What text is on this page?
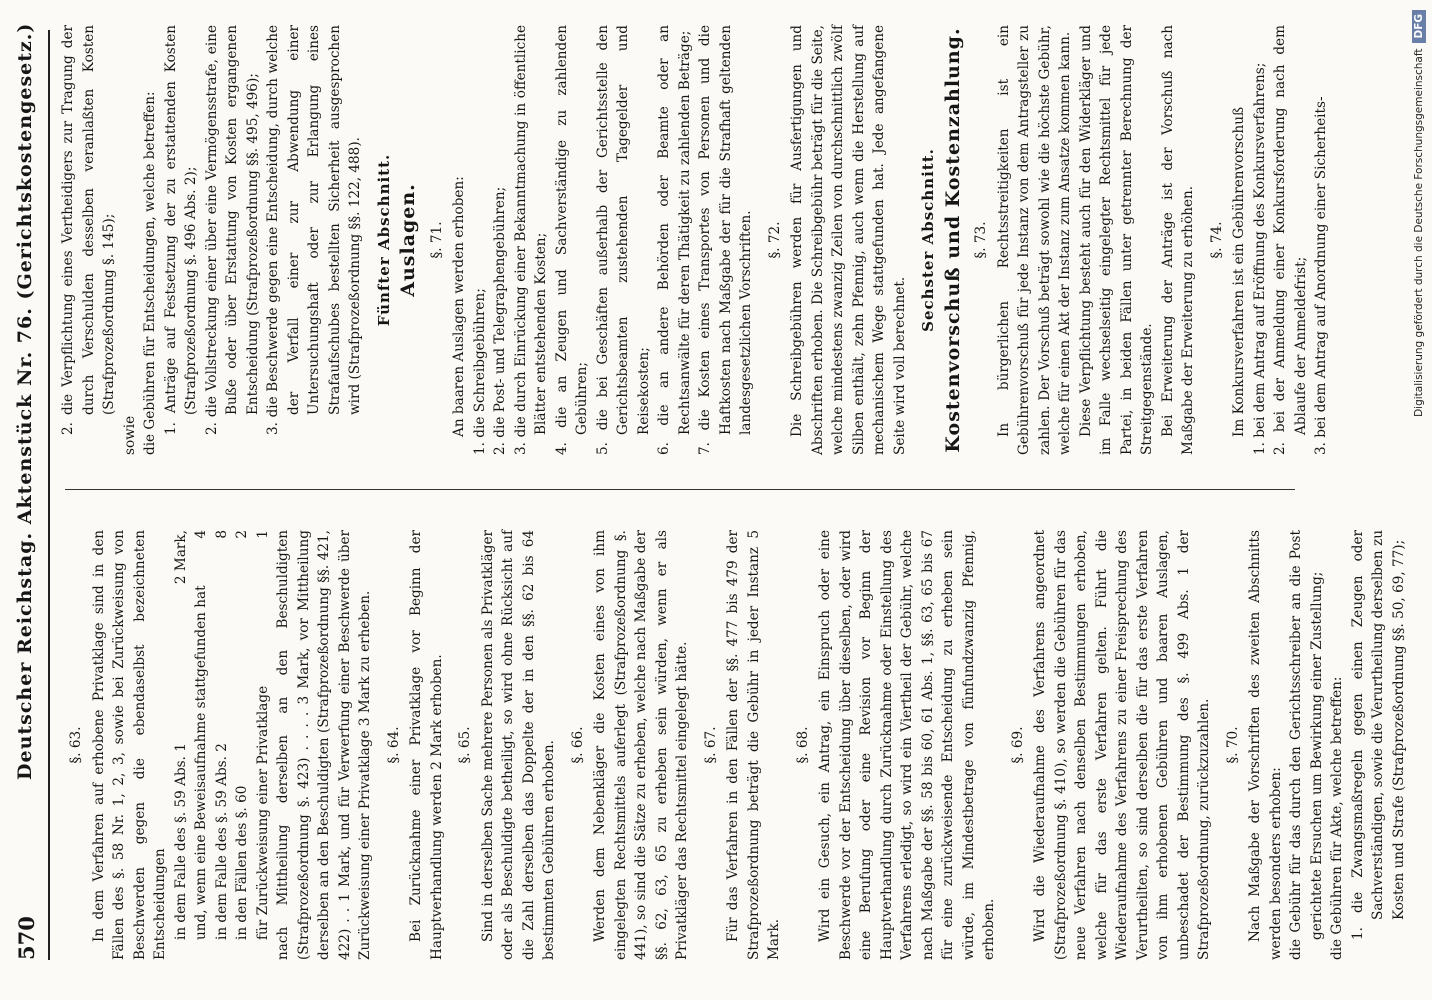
570
Deutscher Reichstag. Aktenstück Nr. 76. (Gerichtskostengesetz.) §. 63. In dem Verfahren auf erhobene Privatklage sind in den Fällen des §. 58 Nr. 1, 2, 3, sowie bei Zurückweisung von Beschwerden gegen die ebendaselbst bezeichneten Entscheidungen in dem Falle des §. 59 Abs. 1
2 Mark,

und, wenn eine Beweisaufnahme stattgefunden hat
4

in dem Falle des §. 59 Abs. 2
8

in den Fällen des §. 60
2

für Zurückweisung einer Privatklage
1 nach Mittheilung derselben an den Beschuldigten (Strafprozeßordnung §. 423) . . . . 3 Mark, vor Mittheilung derselben an den Beschuldigten (Strafprozeßordnung §§. 421, 422) . . 1 Mark, und für Verwerfung einer Beschwerde über Zurückweisung einer Privatklage 3 Mark zu erheben. §. 64. Bei Zurücknahme einer Privatklage vor Beginn der Hauptverhandlung werden 2 Mark erhoben. §. 65. Sind in derselben Sache mehrere Personen als Privatkläger oder als Beschuldigte betheiligt, so wird ohne Rücksicht auf die Zahl derselben das Doppelte der in den §§. 62 bis 64 bestimmten Gebühren erhoben. §. 66. Werden dem Nebenkläger die Kosten eines von ihm eingelegten Rechtsmittels auferlegt (Strafprozeßordnung §. 441), so sind die Sätze zu erheben, welche nach Maßgabe der §§. 62, 63, 65 zu erheben sein würden, wenn er als Privatkläger das Rechtsmittel eingelegt hätte. §. 67. Für das Verfahren in den Fällen der §§. 477 bis 479 der Strafprozeßordnung beträgt die Gebühr in jeder Instanz 5 Mark.

§. 68. Wird ein Gesuch, ein Antrag, ein Einspruch oder eine Beschwerde vor der Entscheidung über dieselben, oder wird eine Berufung oder eine Revision vor Beginn der Hauptverhandlung durch Zurücknahme oder Einstellung des Verfahrens erledigt, so wird ein Viertheil der Gebühr, welche nach Maßgabe der §§. 58 bis 60, 61 Abs. 1, §§. 63, 65 bis 67 für eine zurückweisende Entscheidung zu erheben sein würde, im Mindestbetrage von fünfundzwanzig Pfennig, erhoben.

§. 69. Wird die Wiederaufnahme des Verfahrens angeordnet (Strafprozeßordnung §. 410), so werden die Gebühren für das neue Verfahren nach denselben Bestimmungen erhoben, welche für das erste Verfahren gelten. Führt die Wiederaufnahme des Verfahrens zu einer Freisprechung des Verurtheilten, so sind derselben die für das erste Verfahren von ihm erhobenen Gebühren und baaren Auslagen, unbeschadet der Bestimmung des §. 499 Abs. 1 der Strafprozeßordnung, zurückzuzahlen. §. 70. Nach Maßgabe der Vorschriften des zweiten Abschnitts werden besonders erhoben: die Gebühr für das durch den Gerichtsschreiber an die Post gerichtete Ersuchen um Bewirkung einer Zustellung; die Gebühren für Akte, welche betreffen: 1. die Zwangsmaßregeln gegen einen Zeugen oder Sachverständigen, sowie die Verurtheilung derselben zu Kosten und Strafe (Strafprozeßordnung §§. 50, 69, 77);

2. die Verpflichtung eines Vertheidigers zur Tragung der durch Verschulden desselben veranlaßten Kosten (Strafprozeßordnung §. 145);

sowie die Gebühren für Entscheidungen, welche betreffen: 1. Anträge auf Festsetzung der zu erstattenden Kosten (Strafprozeßordnung §. 496 Abs. 2); 2. die Vollstreckung einer über eine Vermögensstrafe, eine Buße oder über Erstattung von Kosten ergangenen Entscheidung (Strafprozeßordnung §§. 495, 496); 3. die Beschwerde gegen eine Entscheidung, durch welche der Verfall einer zur Abwendung einer Untersuchungshaft oder zur Erlangung eines Strafaufschubes bestellten Sicherheit ausgesprochen wird (Strafprozeßordnung §§. 122, 488). Fünfter Abschnitt. Auslagen. §. 71. An baaren Auslagen werden erhoben: 1. die Schreibgebühren; 2. die Post- und Telegraphengebühren; 3. die durch Einrückung einer Bekanntmachung in öffentliche Blätter entstehenden Kosten; 4. die an Zeugen und Sachverständige zu zahlenden Gebühren; 5. die bei Geschäften außerhalb der Gerichtsstelle den Gerichtsbeamten zustehenden Tagegelder und Reisekosten; 6. die an andere Behörden oder Beamte oder an Rechtsanwälte für deren Thätigkeit zu zahlenden Beträge; 7. die Kosten eines Transportes von Personen und die Haftkosten nach Maßgabe der für die Strafhaft geltenden landesgesetzlichen Vorschriften. §. 72. Die Schreibgebühren werden für Ausfertigungen und Abschriften erhoben. Die Schreibgebühr beträgt für die Seite, welche mindestens zwanzig Zeilen von durchschnittlich zwölf Silben enthält, zehn Pfennig, auch wenn die Herstellung auf mechanischem Wege stattgefunden hat. Jede angefangene Seite wird voll berechnet.

Sechster Abschnitt. Kostenvorschuß und Kostenzahlung. §. 73. In bürgerlichen Rechtsstreitigkeiten ist ein Gebührenvorschuß für jede Instanz von dem Antragsteller zu zahlen. Der Vorschuß beträgt sowohl wie die höchste Gebühr, welche für einen Akt der Instanz zum Ansatze kommen kann. Diese Verpflichtung besteht auch für den Widerkläger und im Falle wechselseitig eingelegter Rechtsmittel für jede Partei, in beiden Fällen unter getrennter Berechnung der Streitgegenstände. Bei Erweiterung der Anträge ist der Vorschuß nach Maßgabe der Erweiterung zu erhöhen. §. 74. Im Konkursverfahren ist ein Gebührenvorschuß 1. bei dem Antrag auf Eröffnung des Konkursverfahrens; 2. bei der Anmeldung einer Konkursforderung nach dem Ablaufe der Anmeldefrist; 3. bei dem Antrag auf Anordnung einer Sicherheits-	Digitalisierung gefördert durch die Deutsche ForschungsgemeinschaftDFG
